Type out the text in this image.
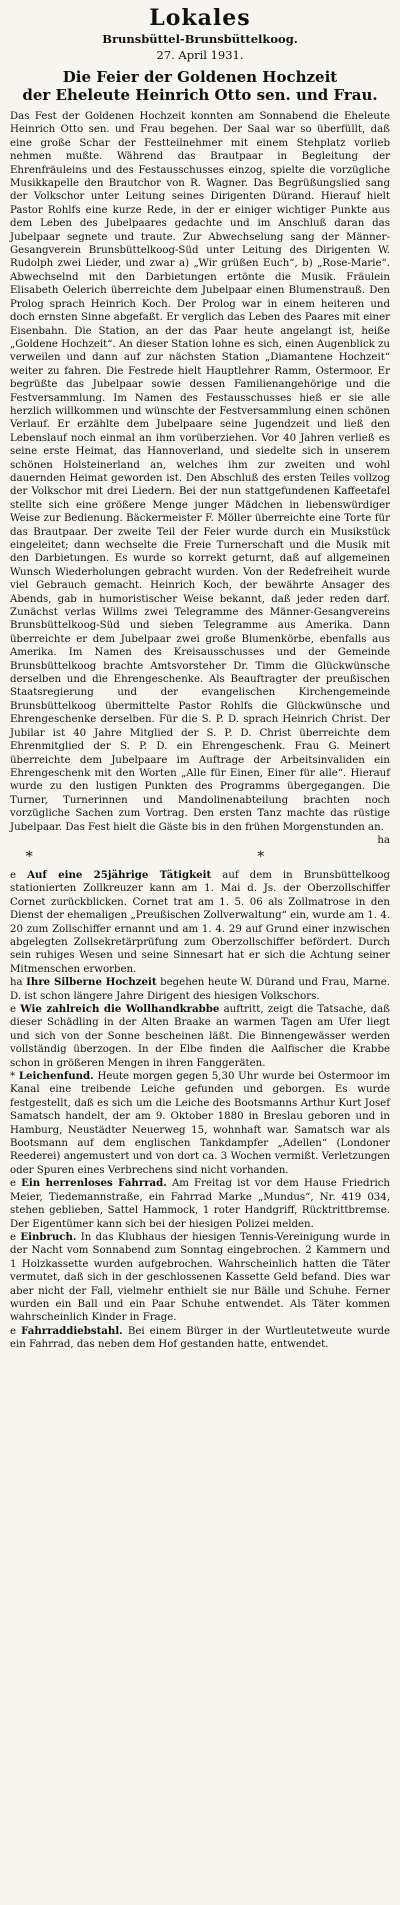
Lokales
Brunsbüttel-Brunsbüttelkoog.
27. April 1931.
Die Feier der Goldenen Hochzeit
der Eheleute Heinrich Otto sen. und Frau.

Das Fest der Goldenen Hochzeit konnten am Sonnabend die Eheleute Heinrich Otto sen. und Frau begehen. Der Saal war so überfüllt, daß eine große Schar der Festteilnehmer mit einem Stehplatz vorlieb nehmen mußte. Während das Brautpaar in Begleitung der Ehrenfräuleins und des Festausschusses einzog, spielte die vorzügliche Musikkapelle den Brautchor von R. Wagner. Das Begrüßungslied sang der Volkschor unter Leitung seines Dirigenten Dürand. Hierauf hielt Pastor Rohlfs eine kurze Rede, in der er einiger wichtiger Punkte aus dem Leben des Jubelpaares gedachte und im Anschluß daran das Jubelpaar segnete und traute. Zur Abwechselung sang der Männer-Gesangverein Brunsbüttelkoog-Süd unter Leitung des Dirigenten W. Rudolph zwei Lieder, und zwar a) „Wir grüßen Euch“, b) „Rose-Marie“. Abwechselnd mit den Darbietungen ertönte die Musik. Fräulein Elisabeth Oelerich überreichte dem Jubelpaar einen Blumenstrauß. Den Prolog sprach Heinrich Koch. Der Prolog war in einem heiteren und doch ernsten Sinne abgefaßt. Er verglich das Leben des Paares mit einer Eisenbahn. Die Station, an der das Paar heute angelangt ist, heiße „Goldene Hochzeit“. An dieser Station lohne es sich, einen Augenblick zu verweilen und dann auf zur nächsten Station „Diamantene Hochzeit“ weiter zu fahren. Die Festrede hielt Hauptlehrer Ramm, Ostermoor. Er begrüßte das Jubelpaar sowie dessen Familienangehörige und die Festversammlung. Im Namen des Festausschusses hieß er sie alle herzlich willkommen und wünschte der Festversammlung einen schönen Verlauf. Er erzählte dem Jubelpaare seine Jugendzeit und ließ den Lebenslauf noch einmal an ihm vorüberziehen. Vor 40 Jahren verließ es seine erste Heimat, das Hannoverland, und siedelte sich in unserem schönen Holsteinerland an, welches ihm zur zweiten und wohl dauernden Heimat geworden ist. Den Abschluß des ersten Teiles vollzog der Volkschor mit drei Liedern. Bei der nun stattgefundenen Kaffeetafel stellte sich eine größere Menge junger Mädchen in liebenswürdiger Weise zur Bedienung. Bäckermeister F. Möller überreichte eine Torte für das Brautpaar. Der zweite Teil der Feier wurde durch ein Musikstück eingeleitet; dann wechselte die Freie Turnerschaft und die Musik mit den Darbietungen. Es wurde so korrekt geturnt, daß auf allgemeinen Wunsch Wiederholungen gebracht wurden. Von der Redefreiheit wurde viel Gebrauch gemacht. Heinrich Koch, der bewährte Ansager des Abends, gab in humoristischer Weise bekannt, daß jeder reden darf. Zunächst verlas Willms zwei Telegramme des Männer-Gesangvereins Brunsbüttelkoog-Süd und sieben Telegramme aus Amerika. Dann überreichte er dem Jubelpaar zwei große Blumenkörbe, ebenfalls aus Amerika. Im Namen des Kreisausschusses und der Gemeinde Brunsbüttelkoog brachte Amtsvorsteher Dr. Timm die Glückwünsche derselben und die Ehrengeschenke. Als Beauftragter der preußischen Staatsregierung und der evangelischen Kirchengemeinde Brunsbüttelkoog übermittelte Pastor Rohlfs die Glückwünsche und Ehrengeschenke derselben. Für die S. P. D. sprach Heinrich Christ. Der Jubilar ist 40 Jahre Mitglied der S. P. D. Christ überreichte dem Ehrenmitglied der S. P. D. ein Ehrengeschenk. Frau G. Meinert überreichte dem Jubelpaare im Auftrage der Arbeitsinvaliden ein Ehrengeschenk mit den Worten „Alle für Einen, Einer für alle“. Hierauf wurde zu den lustigen Punkten des Programms übergegangen. Die Turner, Turnerinnen und Mandolinenabteilung brachten noch vorzügliche Sachen zum Vortrag. Den ersten Tanz machte das rüstige Jubelpaar. Das Fest hielt die Gäste bis in den frühen Morgenstunden an.

ha
* *

e Auf eine 25jährige Tätigkeit auf dem in Brunsbüttelkoog stationierten Zollkreuzer kann am 1. Mai d. Js. der Oberzollschiffer Cornet zurückblicken. Cornet trat am 1. 5. 06 als Zollmatrose in den Dienst der ehemaligen „Preußischen Zollverwaltung“ ein, wurde am 1. 4. 20 zum Zollschiffer ernannt und am 1. 4. 29 auf Grund einer inzwischen abgelegten Zollsekretärprüfung zum Oberzollschiffer befördert. Durch sein ruhiges Wesen und seine Sinnesart hat er sich die Achtung seiner Mitmenschen erworben.

ha Ihre Silberne Hochzeit begehen heute W. Dürand und Frau, Marne. D. ist schon längere Jahre Dirigent des hiesigen Volkschors.

e Wie zahlreich die Wollhandkrabbe auftritt, zeigt die Tatsache, daß dieser Schädling in der Alten Braake an warmen Tagen am Ufer liegt und sich von der Sonne bescheinen läßt. Die Binnengewässer werden vollständig überzogen. In der Elbe finden die Aalfischer die Krabbe schon in größeren Mengen in ihren Fanggeräten.

* Leichenfund. Heute morgen gegen 5,30 Uhr wurde bei Ostermoor im Kanal eine treibende Leiche gefunden und geborgen. Es wurde festgestellt, daß es sich um die Leiche des Bootsmanns Arthur Kurt Josef Samatsch handelt, der am 9. Oktober 1880 in Breslau geboren und in Hamburg, Neustädter Neuerweg 15, wohnhaft war. Samatsch war als Bootsmann auf dem englischen Tankdampfer „Adellen“ (Londoner Reederei) angemustert und von dort ca. 3 Wochen vermißt. Verletzungen oder Spuren eines Verbrechens sind nicht vorhanden.

e Ein herrenloses Fahrrad. Am Freitag ist vor dem Hause Friedrich Meier, Tiedemannstraße, ein Fahrrad Marke „Mundus“, Nr. 419 034, stehen geblieben, Sattel Hammock, 1 roter Handgriff, Rücktrittbremse. Der Eigentümer kann sich bei der hiesigen Polizei melden.

e Einbruch. In das Klubhaus der hiesigen Tennis-Vereinigung wurde in der Nacht vom Sonnabend zum Sonntag eingebrochen. 2 Kammern und 1 Holzkassette wurden aufgebrochen. Wahrscheinlich hatten die Täter vermutet, daß sich in der geschlossenen Kassette Geld befand. Dies war aber nicht der Fall, vielmehr enthielt sie nur Bälle und Schuhe. Ferner wurden ein Ball und ein Paar Schuhe entwendet. Als Täter kommen wahrscheinlich Kinder in Frage.

e Fahrraddiebstahl. Bei einem Bürger in der Wurtleutetweute wurde ein Fahrrad, das neben dem Hof gestanden hatte, entwendet.
